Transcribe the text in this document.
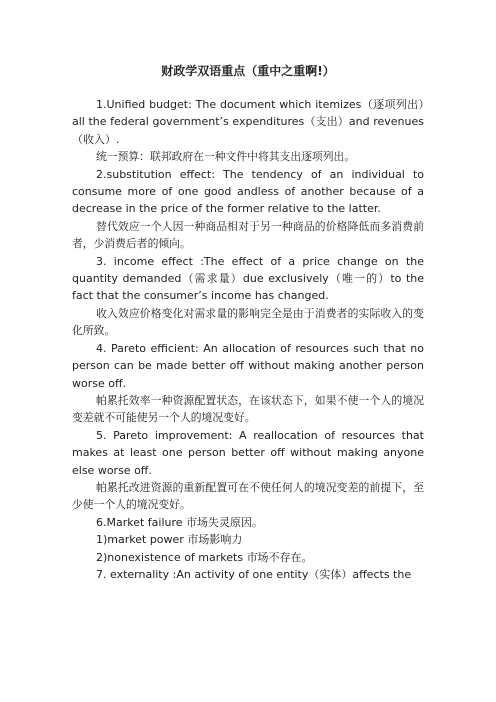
财政学双语重点（重中之重啊!）

1.Unified budget: The document which itemizes（逐项列出）all the federal government’s expenditures（支出）and revenues（收入）.

统一预算：联邦政府在一种文件中将其支出逐项列出。

2.substitution effect: The tendency of an individual to consume more of one good andless of another because of a decrease in the price of the former relative to the latter.

替代效应一个人因一种商品相对于另一种商品的价格降低而多消费前者，少消费后者的倾向。

3. income effect :The effect of a price change on the quantity demanded（需求量）due exclusively（唯一的）to the fact that the consumer’s income has changed.

收入效应价格变化对需求量的影响完全是由于消费者的实际收入的变化所致。

4. Pareto efficient: An allocation of resources such that no person can be made better off without making another person worse off.

帕累托效率一种资源配置状态，在该状态下，如果不使一个人的境况变差就不可能使另一个人的境况变好。

5. Pareto improvement: A reallocation of resources that makes at least one person better off without making anyone else worse off.

帕累托改进资源的重新配置可在不使任何人的境况变差的前提下，至少使一个人的境况变好。

6.Market failure 市场失灵原因。

1)market power 市场影响力

2)nonexistence of markets 市场不存在。

7. externality :An activity of one entity（实体）affects the
